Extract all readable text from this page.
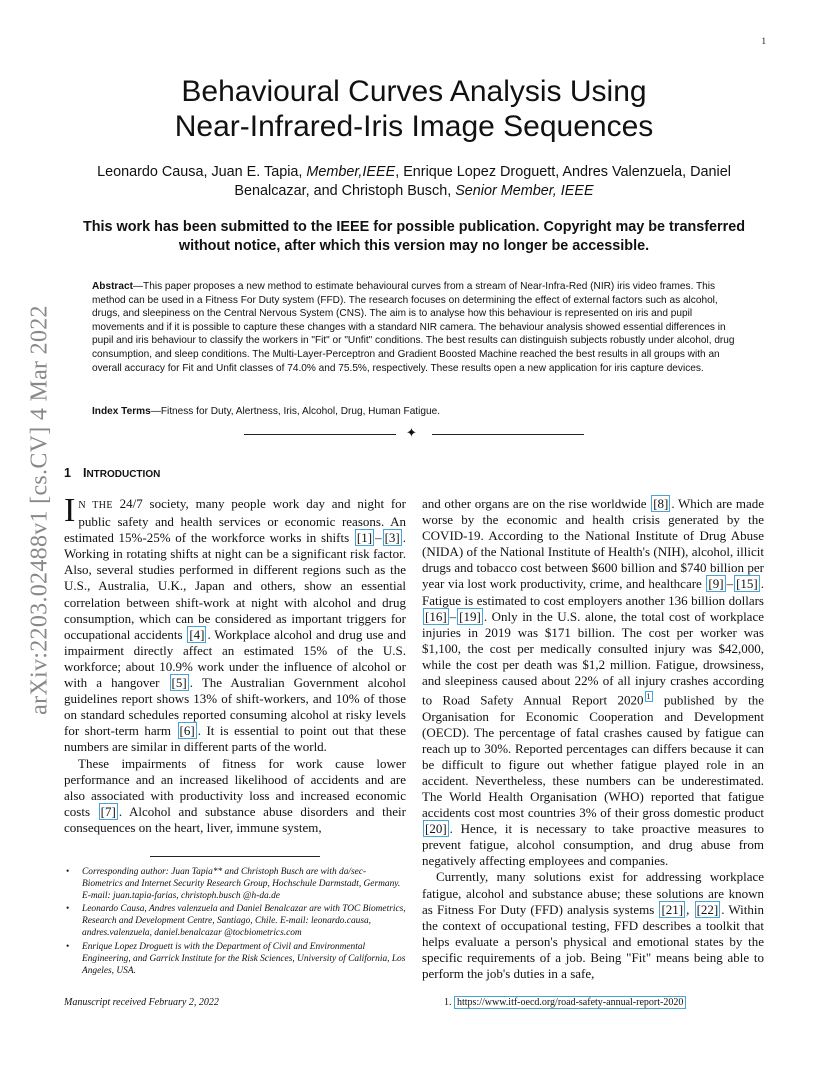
1
arXiv:2203.02488v1 [cs.CV] 4 Mar 2022
Behavioural Curves Analysis Using
Near-Infrared-Iris Image Sequences
Leonardo Causa, Juan E. Tapia, Member,IEEE, Enrique Lopez Droguett, Andres Valenzuela, Daniel Benalcazar, and Christoph Busch, Senior Member, IEEE
This work has been submitted to the IEEE for possible publication. Copyright may be transferred without notice, after which this version may no longer be accessible.
Abstract—This paper proposes a new method to estimate behavioural curves from a stream of Near-Infra-Red (NIR) iris video frames. This method can be used in a Fitness For Duty system (FFD). The research focuses on determining the effect of external factors such as alcohol, drugs, and sleepiness on the Central Nervous System (CNS). The aim is to analyse how this behaviour is represented on iris and pupil movements and if it is possible to capture these changes with a standard NIR camera. The behaviour analysis showed essential differences in pupil and iris behaviour to classify the workers in "Fit" or "Unfit" conditions. The best results can distinguish subjects robustly under alcohol, drug consumption, and sleep conditions. The Multi-Layer-Perceptron and Gradient Boosted Machine reached the best results in all groups with an overall accuracy for Fit and Unfit classes of 74.0% and 75.5%, respectively. These results open a new application for iris capture devices.
Index Terms—Fitness for Duty, Alertness, Iris, Alcohol, Drug, Human Fatigue.
✦
1 INTRODUCTION

I N THE 24/7 society, many people work day and night for public safety and health services or economic reasons. An estimated 15%-25% of the workforce works in shifts [1] – [3] . Working in rotating shifts at night can be a significant risk factor. Also, several studies performed in different regions such as the U.S., Australia, U.K., Japan and others, show an essential correlation between shift-work at night with alcohol and drug consumption, which can be considered as important triggers for occupational accidents [4] . Workplace alcohol and drug use and impairment directly affect an estimated 15% of the U.S. workforce; about 10.9% work under the influence of alcohol or with a hangover [5] . The Australian Government alcohol guidelines report shows 13% of shift-workers, and 10% of those on standard schedules reported consuming alcohol at risky levels for short-term harm [6] . It is essential to point out that these numbers are similar in different parts of the world.

These impairments of fitness for work cause lower performance and an increased likelihood of accidents and are also associated with productivity loss and increased economic costs [7] . Alcohol and substance abuse disorders and their consequences on the heart, liver, immune system,

and other organs are on the rise worldwide [8] . Which are made worse by the economic and health crisis generated by the COVID-19. According to the National Institute of Drug Abuse (NIDA) of the National Institute of Health's (NIH), alcohol, illicit drugs and tobacco cost between $600 billion and $740 billion per year via lost work productivity, crime, and healthcare [9] – [15] . Fatigue is estimated to cost employers another 136 billion dollars [16] – [19] . Only in the U.S. alone, the total cost of workplace injuries in 2019 was $171 billion. The cost per worker was $1,100, the cost per medically consulted injury was $42,000, while the cost per death was $1,2 million. Fatigue, drowsiness, and sleepiness caused about 22% of all injury crashes according to Road Safety Annual Report 2020 $^1$ published by the Organisation for Economic Cooperation and Development (OECD). The percentage of fatal crashes caused by fatigue can reach up to 30%. Reported percentages can differs because it can be difficult to figure out whether fatigue played role in an accident. Nevertheless, these numbers can be underestimated. The World Health Organisation (WHO) reported that fatigue accidents cost most countries 3% of their gross domestic product [20] . Hence, it is necessary to take proactive measures to prevent fatigue, alcohol consumption, and drug abuse from negatively affecting employees and companies.

Currently, many solutions exist for addressing workplace fatigue, alcohol and substance abuse; these solutions are known as Fitness For Duty (FFD) analysis systems [21] , [22] . Within the context of occupational testing, FFD describes a toolkit that helps evaluate a person's physical and emotional states by the specific requirements of a job. Being "Fit" means being able to perform the job's duties in a safe,

• Corresponding author: Juan Tapia** and Christoph Busch are with da/sec-Biometrics and Internet Security Research Group, Hochschule Darmstadt, Germany. E-mail: juan.tapia-farias, christoph.busch @h-da.de
• Leonardo Causa, Andres valenzuela and Daniel Benalcazar are with TOC Biometrics, Research and Development Centre, Santiago, Chile. E-mail: leonardo.causa, andres.valenzuela, daniel.benalcazar @tocbiometrics.com
• Enrique Lopez Droguett is with the Department of Civil and Environmental Engineering, and Garrick Institute for the Risk Sciences, University of California, Los Angeles, USA.
Manuscript received February 2, 2022	1. https://www.itf-oecd.org/road-safety-annual-report-2020
